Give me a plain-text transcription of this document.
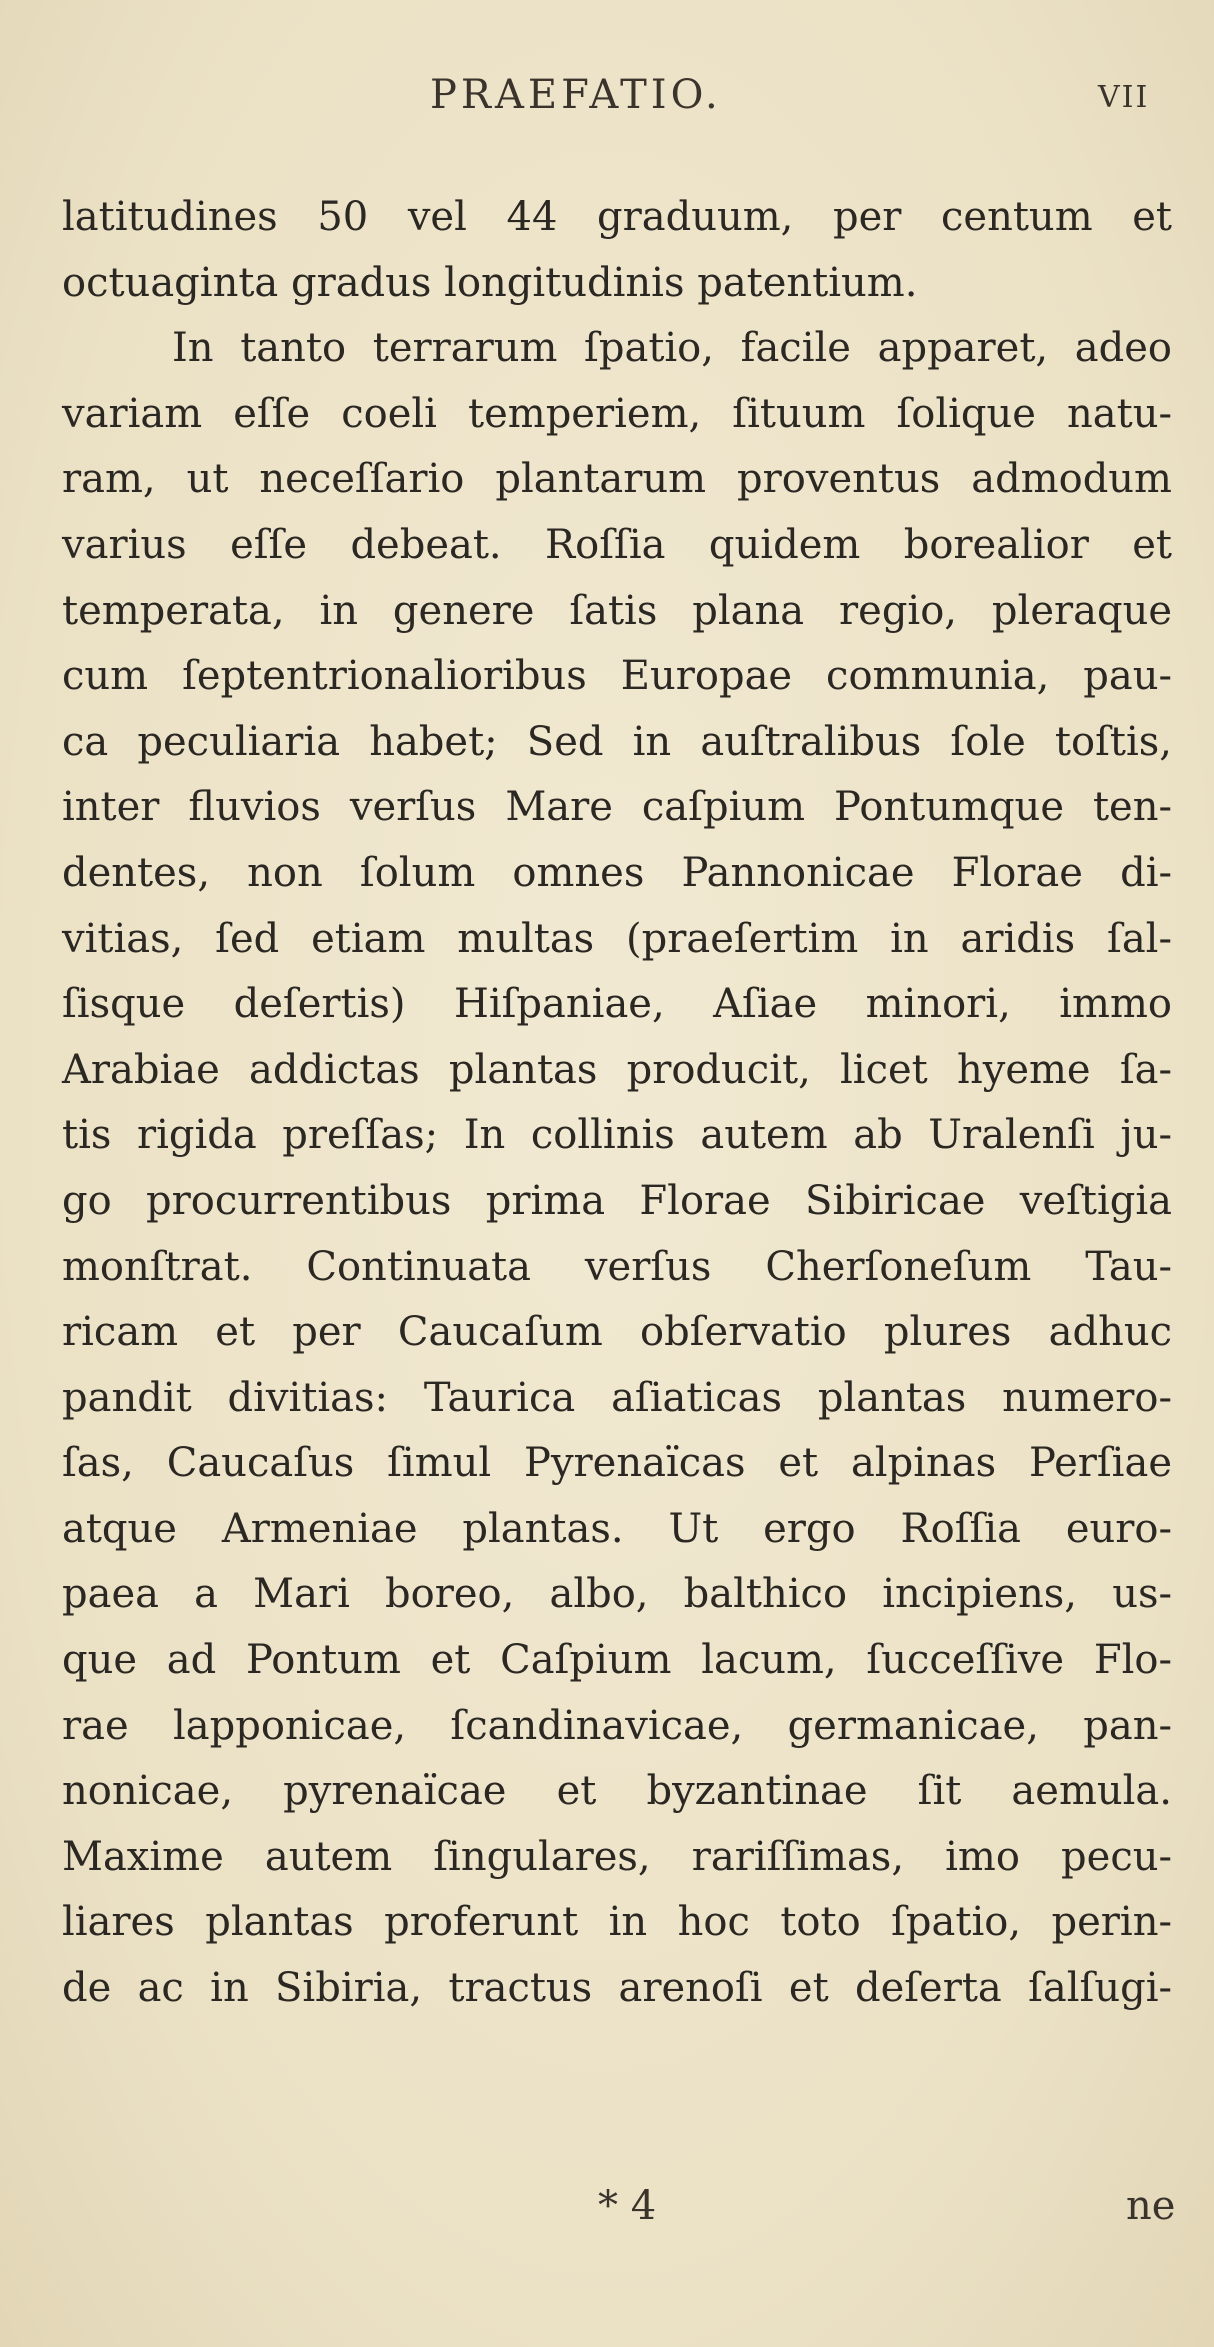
PRAEFATIO.	VII
latitudines 50 vel 44 graduum, per centum et
octuaginta gradus longitudinis patentium.
In tanto terrarum ſpatio, facile apparet, adeo
variam eſſe coeli temperiem, ſituum ſolique natu-
ram, ut neceſſario plantarum proventus admodum
varius eſſe debeat. Roſſia quidem borealior et
temperata, in genere ſatis plana regio, pleraque
cum ſeptentrionalioribus Europae communia, pau-
ca peculiaria habet; Sed in auſtralibus ſole toſtis,
inter fluvios verſus Mare caſpium Pontumque ten-
dentes, non ſolum omnes Pannonicae Florae di-
vitias, ſed etiam multas (praeſertim in aridis ſal-
ſisque deſertis) Hiſpaniae, Aſiae minori, immo
Arabiae addictas plantas producit, licet hyeme ſa-
tis rigida preſſas; In collinis autem ab Uralenſi ju-
go procurrentibus prima Florae Sibiricae veſtigia
monſtrat. Continuata verſus Cherſoneſum Tau-
ricam et per Caucaſum obſervatio plures adhuc
pandit divitias: Taurica aſiaticas plantas numero-
ſas, Caucaſus ſimul Pyrenaïcas et alpinas Perſiae
atque Armeniae plantas. Ut ergo Roſſia euro-
paea a Mari boreo, albo, balthico incipiens, us-
que ad Pontum et Caſpium lacum, ſucceſſive Flo-
rae lapponicae, ſcandinavicae, germanicae, pan-
nonicae, pyrenaïcae et byzantinae ſit aemula.
Maxime autem ſingulares, rariſſimas, imo pecu-
liares plantas proferunt in hoc toto ſpatio, perin-
de ac in Sibiria, tractus arenoſi et deſerta ſalſugi-
* 4	ne
